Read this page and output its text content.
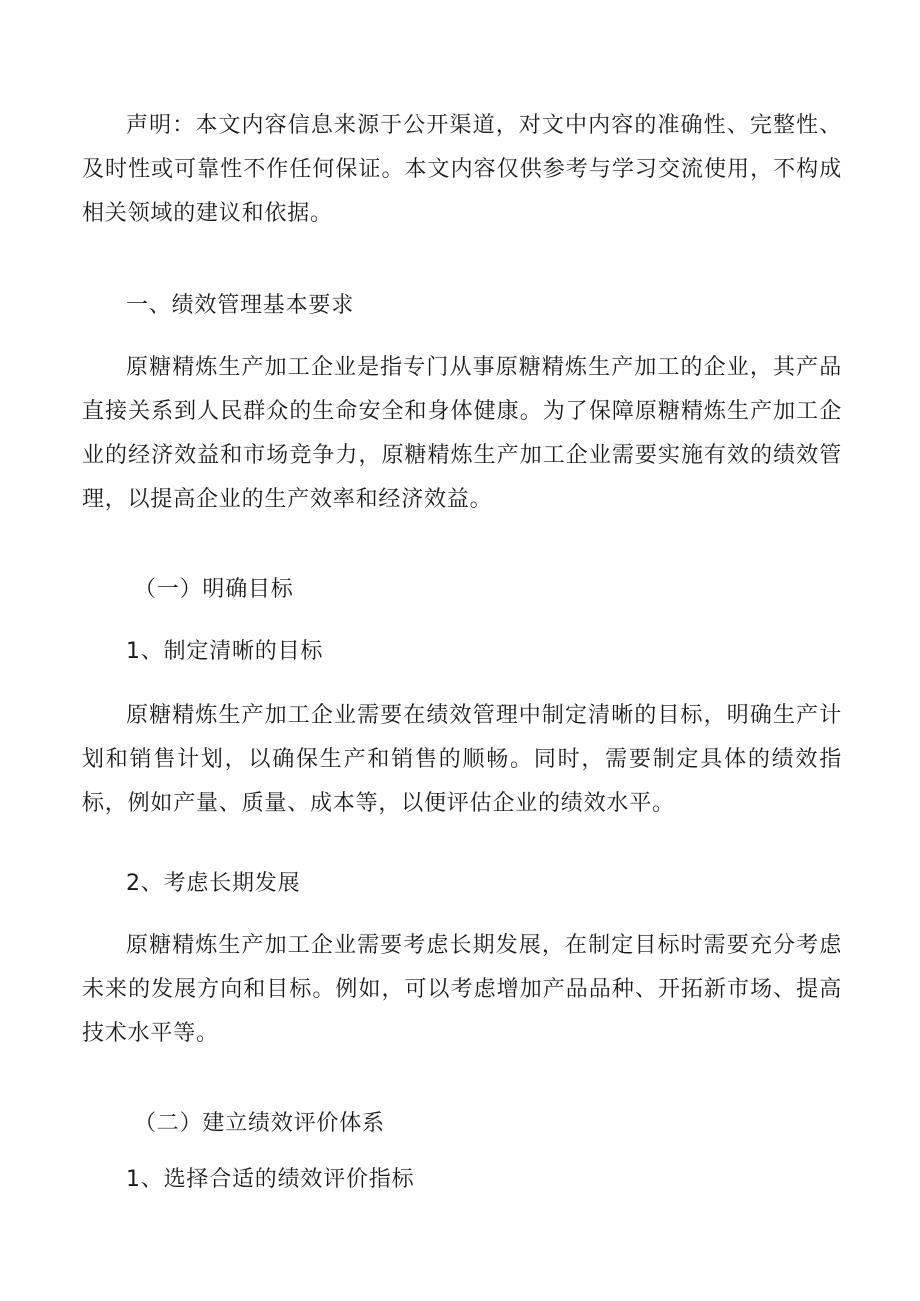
声明：本文内容信息来源于公开渠道，对文中内容的准确性、完整性、及时性或可靠性不作任何保证。本文内容仅供参考与学习交流使用，不构成相关领域的建议和依据。

一、绩效管理基本要求

原糖精炼生产加工企业是指专门从事原糖精炼生产加工的企业，其产品直接关系到人民群众的生命安全和身体健康。为了保障原糖精炼生产加工企业的经济效益和市场竞争力，原糖精炼生产加工企业需要实施有效的绩效管理，以提高企业的生产效率和经济效益。

（一）明确目标

1、制定清晰的目标

原糖精炼生产加工企业需要在绩效管理中制定清晰的目标，明确生产计划和销售计划，以确保生产和销售的顺畅。同时，需要制定具体的绩效指标，例如产量、质量、成本等，以便评估企业的绩效水平。

2、考虑长期发展

原糖精炼生产加工企业需要考虑长期发展，在制定目标时需要充分考虑未来的发展方向和目标。例如，可以考虑增加产品品种、开拓新市场、提高技术水平等。

（二）建立绩效评价体系

1、选择合适的绩效评价指标
